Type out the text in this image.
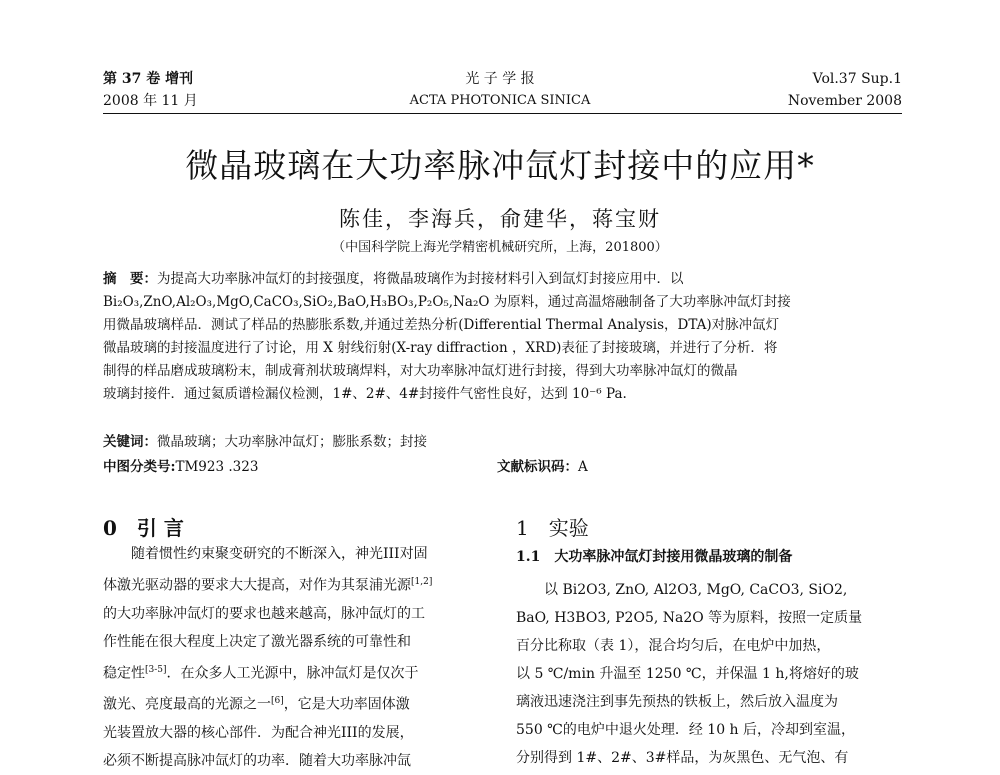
第 37 卷 增刊
2008 年 11 月
光 子 学 报
ACTA PHOTONICA SINICA
Vol.37 Sup.1
November 2008
微晶玻璃在大功率脉冲氙灯封接中的应用*
陈佳，李海兵，俞建华，蒋宝财
（中国科学院上海光学精密机械研究所，上海，201800）
摘　要：为提高大功率脉冲氙灯的封接强度，将微晶玻璃作为封接材料引入到氙灯封接应用中．以
Bi₂O₃,ZnO,Al₂O₃,MgO,CaCO₃,SiO₂,BaO,H₃BO₃,P₂O₅,Na₂O 为原料，通过高温熔融制备了大功率脉冲氙灯封接
用微晶玻璃样品．测试了样品的热膨胀系数,并通过差热分析(Differential Thermal Analysis，DTA)对脉冲氙灯
微晶玻璃的封接温度进行了讨论，用 X 射线衍射(X-ray diffraction ，XRD)表征了封接玻璃，并进行了分析．将
制得的样品磨成玻璃粉末，制成膏剂状玻璃焊料，对大功率脉冲氙灯进行封接，得到大功率脉冲氙灯的微晶
玻璃封接件．通过氦质谱检漏仪检测，1#、2#、4#封接件气密性良好，达到 10⁻⁶ Pa.
关键词：微晶玻璃；大功率脉冲氙灯；膨胀系数；封接
中图分类号:TM923 .323	文献标识码：A
0　引 言
随着惯性约束聚变研究的不断深入，神光III对固
体激光驱动器的要求大大提高，对作为其泵浦光源[1,2]
的大功率脉冲氙灯的要求也越来越高，脉冲氙灯的工
作性能在很大程度上决定了激光器系统的可靠性和
稳定性[3-5]．在众多人工光源中，脉冲氙灯是仅次于
激光、亮度最高的光源之一[6]，它是大功率固体激
光装置放大器的核心部件．为配合神光III的发展，
必须不断提高脉冲氙灯的功率．随着大功率脉冲氙
1　实验
1.1　大功率脉冲氙灯封接用微晶玻璃的制备
以 Bi2O3, ZnO, Al2O3, MgO, CaCO3, SiO2,
BaO, H3BO3, P2O5, Na2O 等为原料，按照一定质量
百分比称取（表 1），混合均匀后，在电炉中加热，
以 5 ℃/min 升温至 1250 ℃，并保温 1 h,将熔好的玻
璃液迅速浇注到事先预热的铁板上，然后放入温度为
550 ℃的电炉中退火处理．经 10 h 后，冷却到室温，
分别得到 1#、2#、3#样品，为灰黑色、无气泡、有
